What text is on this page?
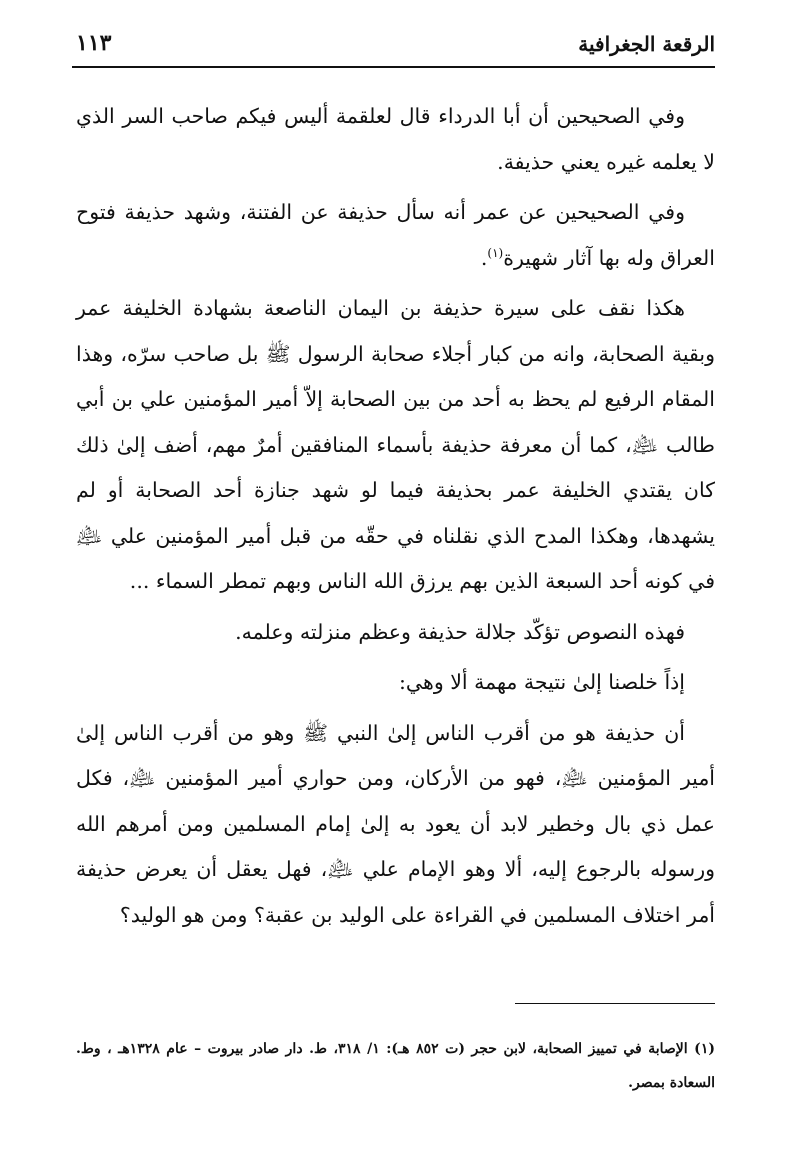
الرقعة الجغرافية
١١٣

وفي الصحيحين أن أبا الدرداء قال لعلقمة أليس فيكم صاحب السر الذي لا يعلمه غيره يعني حذيفة.

وفي الصحيحين عن عمر أنه سأل حذيفة عن الفتنة، وشهد حذيفة فتوح العراق وله بها آثار شهيرة$^{(١)}$.

هكذا نقف على سيرة حذيفة بن اليمان الناصعة بشهادة الخليفة عمر وبقية الصحابة، وانه من كبار أجلاء صحابة الرسول ﷺ بل صاحب سرّه، وهذا المقام الرفيع لم يحظ به أحد من بين الصحابة إلاّ أمير المؤمنين علي بن أبي طالب ﵇، كما أن معرفة حذيفة بأسماء المنافقين أمرٌ مهم، أضف إلىٰ ذلك كان يقتدي الخليفة عمر بحذيفة فيما لو شهد جنازة أحد الصحابة أو لم يشهدها، وهكذا المدح الذي نقلناه في حقّه من قبل أمير المؤمنين علي ﵇ في كونه أحد السبعة الذين بهم يرزق الله الناس وبهم تمطر السماء ...

فهذه النصوص تؤكّد جلالة حذيفة وعظم منزلته وعلمه.

إذاً خلصنا إلىٰ نتيجة مهمة ألا وهي:

أن حذيفة هو من أقرب الناس إلىٰ النبي ﷺ وهو من أقرب الناس إلىٰ أمير المؤمنين ﵇، فهو من الأركان، ومن حواري أمير المؤمنين ﵇، فكل عمل ذي بال وخطير لابد أن يعود به إلىٰ إمام المسلمين ومن أمرهم الله ورسوله بالرجوع إليه، ألا وهو الإمام علي ﵇، فهل يعقل أن يعرض حذيفة أمر اختلاف المسلمين في القراءة على الوليد بن عقبة؟ ومن هو الوليد؟

(١) الإصابة في تمييز الصحابة، لابن حجر (ت ٨٥٢ هـ): ١/ ٣١٨، ط. دار صادر بيروت – عام ١٣٢٨هـ ، وط. السعادة بمصر.
